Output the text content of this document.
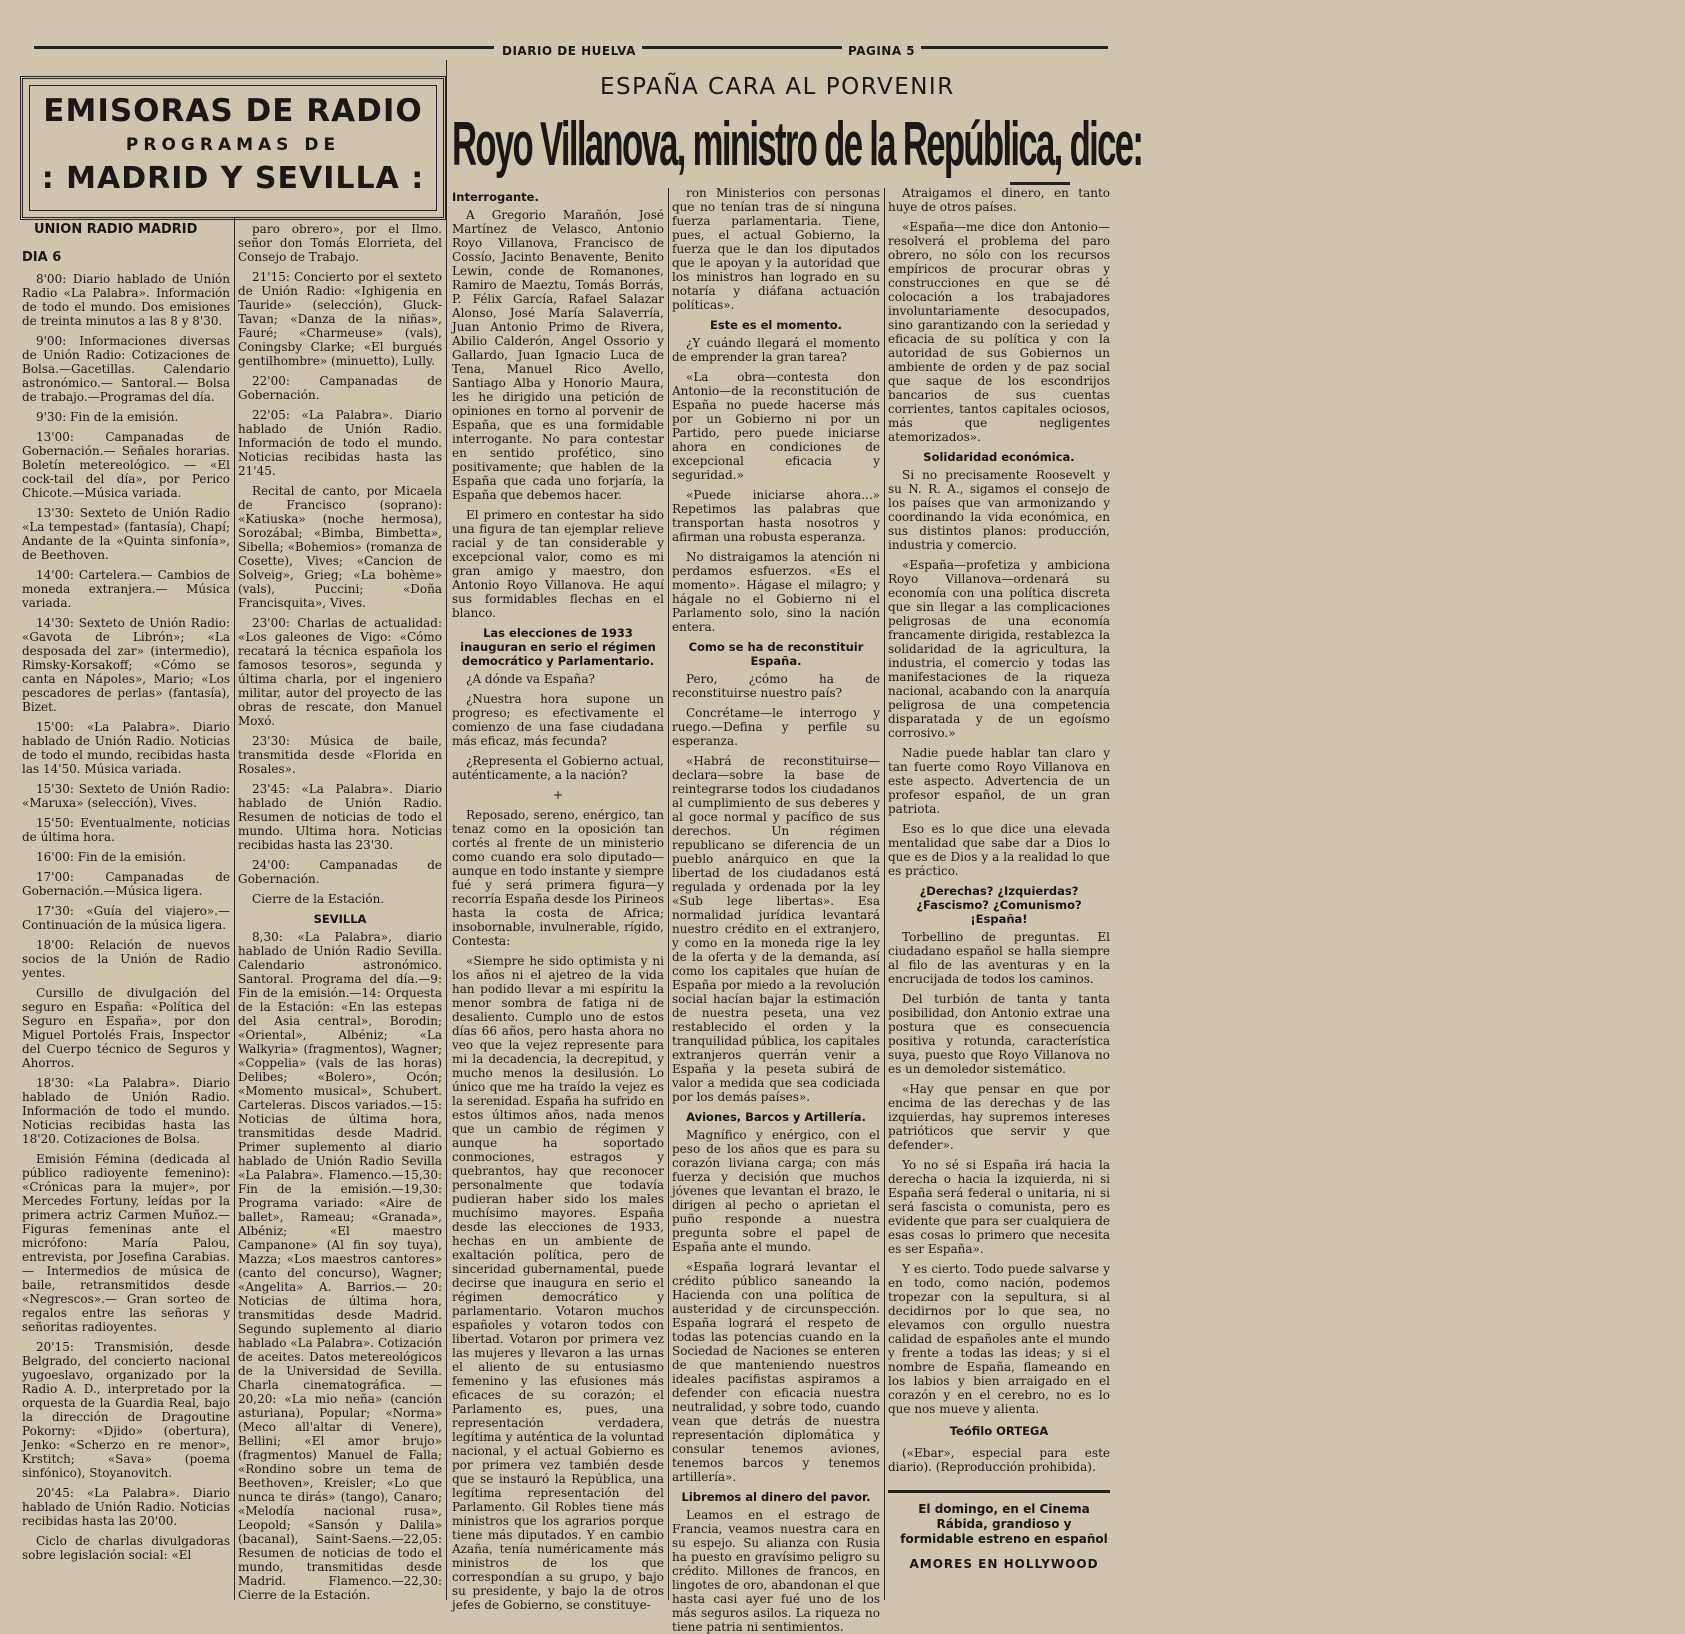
DIARIO DE HUELVA	PAGINA 5
EMISORAS DE RADIO
PROGRAMAS DE
: MADRID Y SEVILLA :
UNION RADIO MADRID
DIA 6

8'00: Diario hablado de Unión Radio «La Palabra». Información de todo el mundo. Dos emisiones de treinta minutos a las 8 y 8'30.

9'00: Informaciones diversas de Unión Radio: Cotizaciones de Bolsa.—Gacetillas. Calendario astronómico.— Santoral.— Bolsa de trabajo.—Programas del día.

9'30: Fin de la emisión.

13'00: Campanadas de Gobernación.— Señales horarias. Boletín metereológico. — «El cock-tail del día», por Perico Chicote.—Música variada.

13'30: Sexteto de Unión Radio «La tempestad» (fantasía), Chapí; Andante de la «Quinta sinfonía», de Beethoven.

14'00: Cartelera.— Cambios de moneda extranjera.— Música variada.

14'30: Sexteto de Unión Radio: «Gavota de Librón»; «La desposada del zar» (intermedio), Rimsky-Korsakoff; «Cómo se canta en Nápoles», Mario; «Los pescadores de perlas» (fantasía), Bizet.

15'00: «La Palabra». Diario hablado de Unión Radio. Noticias de todo el mundo, recibidas hasta las 14'50. Música variada.

15'30: Sexteto de Unión Radio: «Maruxa» (selección), Vives.

15'50: Eventualmente, noticias de última hora.

16'00: Fin de la emisión.

17'00: Campanadas de Gobernación.—Música ligera.

17'30: «Guía del viajero».— Continuación de la música ligera.

18'00: Relación de nuevos socios de la Unión de Radio yentes.

Cursillo de divulgación del seguro en España: «Política del Seguro en España», por don Miguel Portolés Frais, Inspector del Cuerpo técnico de Seguros y Ahorros.

18'30: «La Palabra». Diario hablado de Unión Radio. Información de todo el mundo. Noticias recibidas hasta las 18'20. Cotizaciones de Bolsa.

Emisión Fémina (dedicada al público radioyente femenino): «Crónicas para la mujer», por Mercedes Fortuny, leídas por la primera actriz Carmen Muñoz.—Figuras femeninas ante el micrófono: María Palou, entrevista, por Josefina Carabias.— Intermedios de música de baile, retransmitidos desde «Negrescos».— Gran sorteo de regalos entre las señoras y señoritas radioyentes.

20'15: Transmisión, desde Belgrado, del concierto nacional yugoeslavo, organizado por la Radio A. D., interpretado por la orquesta de la Guardia Real, bajo la dirección de Dragoutine Pokorny: «Djido» (obertura), Jenko: «Scherzo en re menor», Krstitch; «Sava» (poema sinfónico), Stoyanovitch.

20'45: «La Palabra». Diario hablado de Unión Radio. Noticias recibidas hasta las 20'00.

Ciclo de charlas divulgadoras sobre legislación social: «El

paro obrero», por el Ilmo. señor don Tomás Elorrieta, del Consejo de Trabajo.

21'15: Concierto por el sexteto de Unión Radio: «Ighigenia en Tauride» (selección), Gluck-Tavan; «Danza de la niñas», Fauré; «Charmeuse» (vals), Coningsby Clarke; «El burgués gentilhombre» (minuetto), Lully.

22'00: Campanadas de Gobernación.

22'05: «La Palabra». Diario hablado de Unión Radio. Información de todo el mundo. Noticias recibidas hasta las 21'45.

Recital de canto, por Micaela de Francisco (soprano): «Katiuska» (noche hermosa), Sorozábal; «Bimba, Bimbetta», Sibella; «Bohemios» (romanza de Cosette), Vives; «Cancion de Solveig», Grieg; «La bohème» (vals), Puccini; «Doña Francisquita», Vives.

23'00: Charlas de actualidad: «Los galeones de Vigo: «Cómo recatará la técnica española los famosos tesoros», segunda y última charla, por el ingeniero militar, autor del proyecto de las obras de rescate, don Manuel Moxó.

23'30: Música de baile, transmitida desde «Florida en Rosales».

23'45: «La Palabra». Diario hablado de Unión Radio. Resumen de noticias de todo el mundo. Ultima hora. Noticias recibidas hasta las 23'30.

24'00: Campanadas de Gobernación.

Cierre de la Estación.

SEVILLA

8,30: «La Palabra», diario hablado de Unión Radio Sevilla. Calendario astronómico. Santoral. Programa del día.—9: Fin de la emisión.—14: Orquesta de la Estación: «En las estepas del Asia central», Borodin; «Oriental», Albéniz; «La Walkyria» (fragmentos), Wagner; «Coppelia» (vals de las horas) Delibes; «Bolero», Ocón; «Momento musical», Schubert. Carteleras. Discos variados.—15: Noticias de última hora, transmitidas desde Madrid. Primer suplemento al diario hablado de Unión Radio Sevilla «La Palabra». Flamenco.—15,30: Fin de la emisión.—19,30: Programa variado: «Aire de ballet», Rameau; «Granada», Albéniz; «El maestro Campanone» (Al fin soy tuya), Mazza; «Los maestros cantores» (canto del concurso), Wagner; «Angelita» A. Barrios.— 20: Noticias de última hora, transmitidas desde Madrid. Segundo suplemento al diario hablado «La Palabra». Cotización de aceites. Datos metereológicos de la Universidad de Sevilla. Charla cinematográfica. — 20,20: «La mio neña» (canción asturiana), Popular; «Norma» (Meco all'altar di Venere), Bellini; «El amor brujo» (fragmentos) Manuel de Falla; «Rondino sobre un tema de Beethoven», Kreisler; «Lo que nunca te dirás» (tango), Canaro; «Melodía nacional rusa», Leopold; «Sansón y Dalila» (bacanal), Saint-Saens.—22,05: Resumen de noticias de todo el mundo, transmitidas desde Madrid. Flamenco.—22,30: Cierre de la Estación.

ESPAÑA CARA AL PORVENIR
Royo Villanova, ministro de la República, dice:
Interrogante.

A Gregorio Marañón, José Martínez de Velasco, Antonio Royo Villanova, Francisco de Cossío, Jacinto Benavente, Benito Lewin, conde de Romanones, Ramiro de Maeztu, Tomás Borrás, P. Félix García, Rafael Salazar Alonso, José María Salaverría, Juan Antonio Primo de Rivera, Abilio Calderón, Angel Ossorio y Gallardo, Juan Ignacio Luca de Tena, Manuel Rico Avello, Santiago Alba y Honorio Maura, les he dirigido una petición de opiniones en torno al porvenir de España, que es una formidable interrogante. No para contestar en sentido profético, sino positivamente; que hablen de la España que cada uno forjaría, la España que debemos hacer.

El primero en contestar ha sido una figura de tan ejemplar relieve racial y de tan considerable y excepcional valor, como es mi gran amigo y maestro, don Antonio Royo Villanova. He aquí sus formidables flechas en el blanco.

Las elecciones de 1933 inauguran en serio el régimen democrático y Parlamentario.

¿A dónde va España?

¿Nuestra hora supone un progreso; es efectivamente el comienzo de una fase ciudadana más eficaz, más fecunda?

¿Representa el Gobierno actual, auténticamente, a la nación?

+

Reposado, sereno, enérgico, tan tenaz como en la oposición tan cortés al frente de un ministerio como cuando era solo diputado—aunque en todo instante y siempre fué y será primera figura—y recorría España desde los Pirineos hasta la costa de Africa; insobornable, invulnerable, rígido, Contesta:

«Siempre he sido optimista y ni los años ni el ajetreo de la vida han podido llevar a mi espíritu la menor sombra de fatiga ni de desaliento. Cumplo uno de estos días 66 años, pero hasta ahora no veo que la vejez represente para mi la decadencia, la decrepitud, y mucho menos la desilusión. Lo único que me ha traído la vejez es la serenidad. España ha sufrido en estos últimos años, nada menos que un cambio de régimen y aunque ha soportado conmociones, estragos y quebrantos, hay que reconocer personalmente que todavía pudieran haber sido los males muchísimo mayores. España desde las elecciones de 1933, hechas en un ambiente de exaltación política, pero de sinceridad gubernamental, puede decirse que inaugura en serio el régimen democrático y parlamentario. Votaron muchos españoles y votaron todos con libertad. Votaron por primera vez las mujeres y llevaron a las urnas el aliento de su entusiasmo femenino y las efusiones más eficaces de su corazón; el Parlamento es, pues, una representación verdadera, legítima y auténtica de la voluntad nacional, y el actual Gobierno es por primera vez también desde que se instauró la República, una legítima representación del Parlamento. Gil Robles tiene más ministros que los agrarios porque tiene más diputados. Y en cambio Azaña, tenía numéricamente más ministros de los que correspondían a su grupo, y bajo su presidente, y bajo la de otros jefes de Gobierno, se constituye-

ron Ministerios con personas que no tenían tras de sí ninguna fuerza parlamentaria. Tiene, pues, el actual Gobierno, la fuerza que le dan los diputados que le apoyan y la autoridad que los ministros han logrado en su notaría y diáfana actuación políticas».

Este es el momento.

¿Y cuándo llegará el momento de emprender la gran tarea?

«La obra—contesta don Antonio—de la reconstitución de España no puede hacerse más por un Gobierno ni por un Partido, pero puede iniciarse ahora en condiciones de excepcional eficacia y seguridad.»

«Puede iniciarse ahora...» Repetimos las palabras que transportan hasta nosotros y afirman una robusta esperanza.

No distraigamos la atención ni perdamos esfuerzos. «Es el momento». Hágase el milagro; y hágale no el Gobierno ni el Parlamento solo, sino la nación entera.

Como se ha de reconstituir España.

Pero, ¿cómo ha de reconstituirse nuestro país?

Concrétame—le interrogo y ruego.—Defina y perfile su esperanza.

«Habrá de reconstituirse—declara—sobre la base de reintegrarse todos los ciudadanos al cumplimiento de sus deberes y al goce normal y pacífico de sus derechos. Un régimen republicano se diferencia de un pueblo anárquico en que la libertad de los ciudadanos está regulada y ordenada por la ley «Sub lege libertas». Esa normalidad jurídica levantará nuestro crédito en el extranjero, y como en la moneda rige la ley de la oferta y de la demanda, así como los capitales que huían de España por miedo a la revolución social hacían bajar la estimación de nuestra peseta, una vez restablecido el orden y la tranquilidad pública, los capitales extranjeros querrán venir a España y la peseta subirá de valor a medida que sea codiciada por los demás países».

Aviones, Barcos y Artillería.

Magnífico y enérgico, con el peso de los años que es para su corazón liviana carga; con más fuerza y decisión que muchos jóvenes que levantan el brazo, le dirigen al pecho o aprietan el puño responde a nuestra pregunta sobre el papel de España ante el mundo.

«España logrará levantar el crédito público saneando la Hacienda con una política de austeridad y de circunspección. España logrará el respeto de todas las potencias cuando en la Sociedad de Naciones se enteren de que manteniendo nuestros ideales pacifistas aspiramos a defender con eficacia nuestra neutralidad, y sobre todo, cuando vean que detrás de nuestra representación diplomática y consular tenemos aviones, tenemos barcos y tenemos artillería».

Libremos al dinero del pavor.

Leamos en el estrago de Francia, veamos nuestra cara en su espejo. Su alianza con Rusia ha puesto en gravísimo peligro su crédito. Millones de francos, en lingotes de oro, abandonan el que hasta casi ayer fué uno de los más seguros asilos. La riqueza no tiene patria ni sentimientos.

Atraigamos el dinero, en tanto huye de otros países.

«España—me dice don Antonio—resolverá el problema del paro obrero, no sólo con los recursos empíricos de procurar obras y construcciones en que se dé colocación a los trabajadores involuntariamente desocupados, sino garantizando con la seriedad y eficacia de su política y con la autoridad de sus Gobiernos un ambiente de orden y de paz social que saque de los escondrijos bancarios de sus cuentas corrientes, tantos capitales ociosos, más que negligentes atemorizados».

Solidaridad económica.

Si no precisamente Roosevelt y su N. R. A., sigamos el consejo de los países que van armonizando y coordinando la vida económica, en sus distintos planos: producción, industria y comercio.

«España—profetiza y ambiciona Royo Villanova—ordenará su economía con una política discreta que sin llegar a las complicaciones peligrosas de una economía francamente dirigida, restablezca la solidaridad de la agricultura, la industria, el comercio y todas las manifestaciones de la riqueza nacional, acabando con la anarquía peligrosa de una competencia disparatada y de un egoísmo corrosivo.»

Nadie puede hablar tan claro y tan fuerte como Royo Villanova en este aspecto. Advertencia de un profesor español, de un gran patriota.

Eso es lo que dice una elevada mentalidad que sabe dar a Dios lo que es de Dios y a la realidad lo que es práctico.

¿Derechas? ¿Izquierdas? ¿Fascismo? ¿Comunismo? ¡España!

Torbellino de preguntas. El ciudadano español se halla siempre al filo de las aventuras y en la encrucijada de todos los caminos.

Del turbión de tanta y tanta posibilidad, don Antonio extrae una postura que es consecuencia positiva y rotunda, característica suya, puesto que Royo Villanova no es un demoledor sistemático.

«Hay que pensar en que por encima de las derechas y de las izquierdas, hay supremos intereses patrióticos que servir y que defender».

Yo no sé si España irá hacia la derecha o hacia la izquierda, ni si España será federal o unitaria, ni si será fascista o comunista, pero es evidente que para ser cualquiera de esas cosas lo primero que necesita es ser España».

Y es cierto. Todo puede salvarse y en todo, como nación, podemos tropezar con la sepultura, si al decidirnos por lo que sea, no elevamos con orgullo nuestra calidad de españoles ante el mundo y frente a todas las ideas; y si el nombre de España, flameando en los labios y bien arraigado en el corazón y en el cerebro, no es lo que nos mueve y alienta.

Teófilo ORTEGA

(«Ebar», especial para este diario). (Reproducción prohibida).

El domingo, en el Cinema Rábida, grandioso y formidable estreno en español
AMORES EN HOLLYWOOD
